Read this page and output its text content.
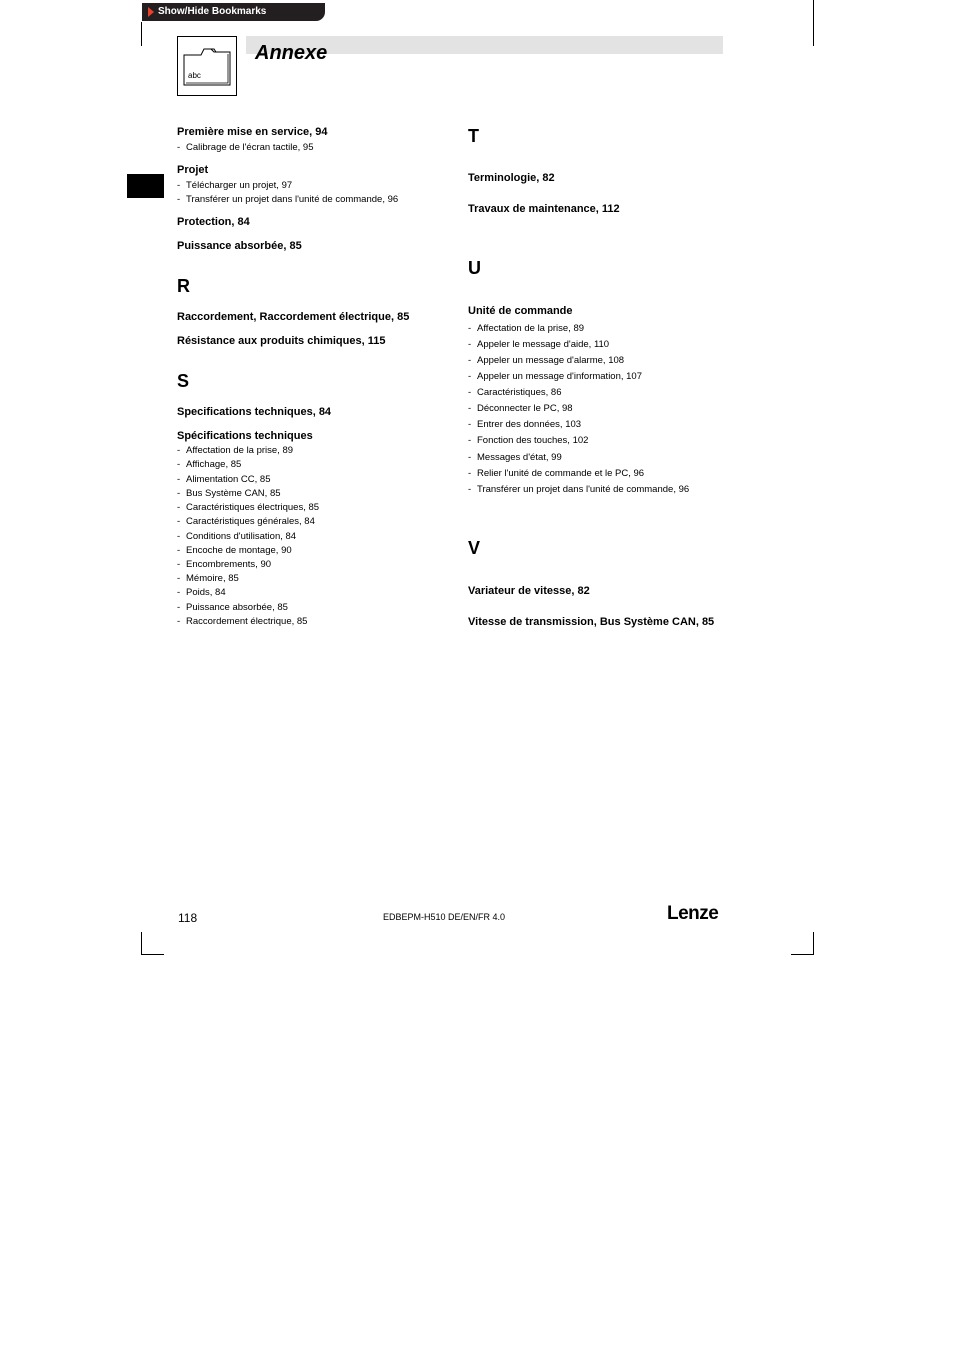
Show/Hide Bookmarks
abc
Annexe
Première mise en service, 94
- Calibrage de l'écran tactile, 95
Projet
- Télécharger un projet, 97
- Transférer un projet dans l'unité de commande, 96
Protection, 84
Puissance absorbée, 85
R
Raccordement, Raccordement électrique, 85
Résistance aux produits chimiques, 115
S
Specifications techniques, 84
Spécifications techniques
- Affectation de la prise, 89
- Affichage, 85
- Alimentation CC, 85
- Bus Système CAN, 85
- Caractéristiques électriques, 85
- Caractéristiques générales, 84
- Conditions d'utilisation, 84
- Encoche de montage, 90
- Encombrements, 90
- Mémoire, 85
- Poids, 84
- Puissance absorbée, 85
- Raccordement électrique, 85
T
Terminologie, 82
Travaux de maintenance, 112
U
Unité de commande
- Affectation de la prise, 89
- Appeler le message d'aide, 110
- Appeler un message d'alarme, 108
- Appeler un message d'information, 107
- Caractéristiques, 86
- Déconnecter le PC, 98
- Entrer des données, 103
- Fonction des touches, 102
- Messages d'état, 99
- Relier l'unité de commande et le PC, 96
- Transférer un projet dans l'unité de commande, 96
V
Variateur de vitesse, 82
Vitesse de transmission, Bus Système CAN, 85
118	EDBEPM-H510 DE/EN/FR 4.0	Lenze
